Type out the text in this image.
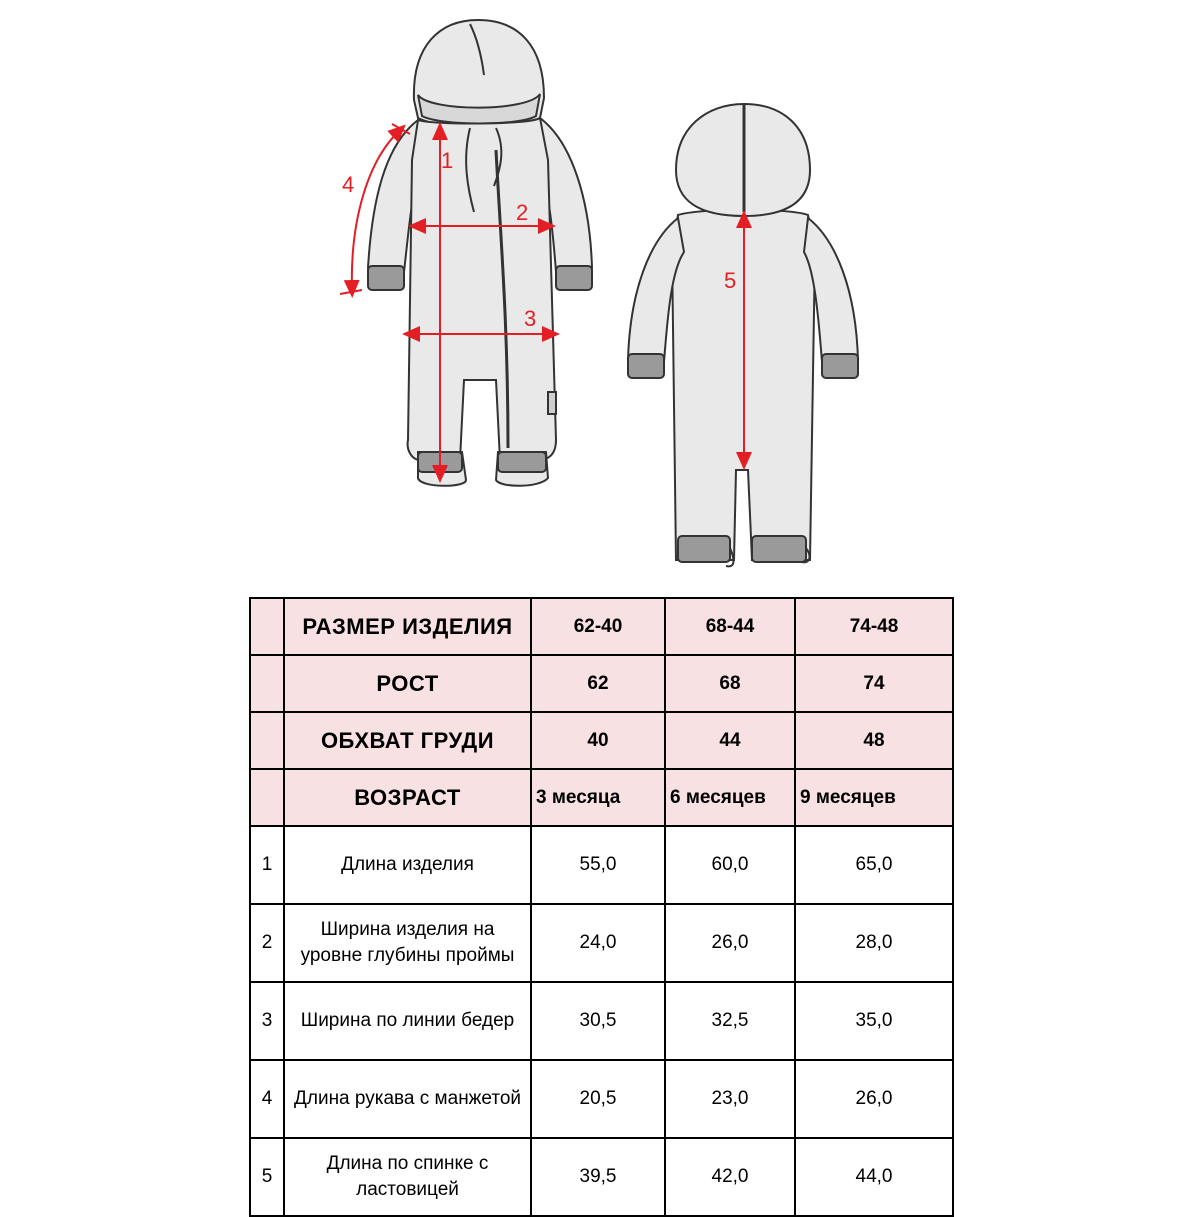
1
2
3
4
5
	РАЗМЕР ИЗДЕЛИЯ	62-40	68-44	74-48
	РОСТ	62	68	74
	ОБХВАТ ГРУДИ	40	44	48
	ВОЗРАСТ	3 месяца	6 месяцев	9 месяцев
1	Длина изделия	55,0	60,0	65,0
2	Ширина изделия на уровне глубины проймы	24,0	26,0	28,0
3	Ширина по линии бедер	30,5	32,5	35,0
4	Длина рукава с манжетой	20,5	23,0	26,0
5	Длина по спинке с ластовицей	39,5	42,0	44,0
